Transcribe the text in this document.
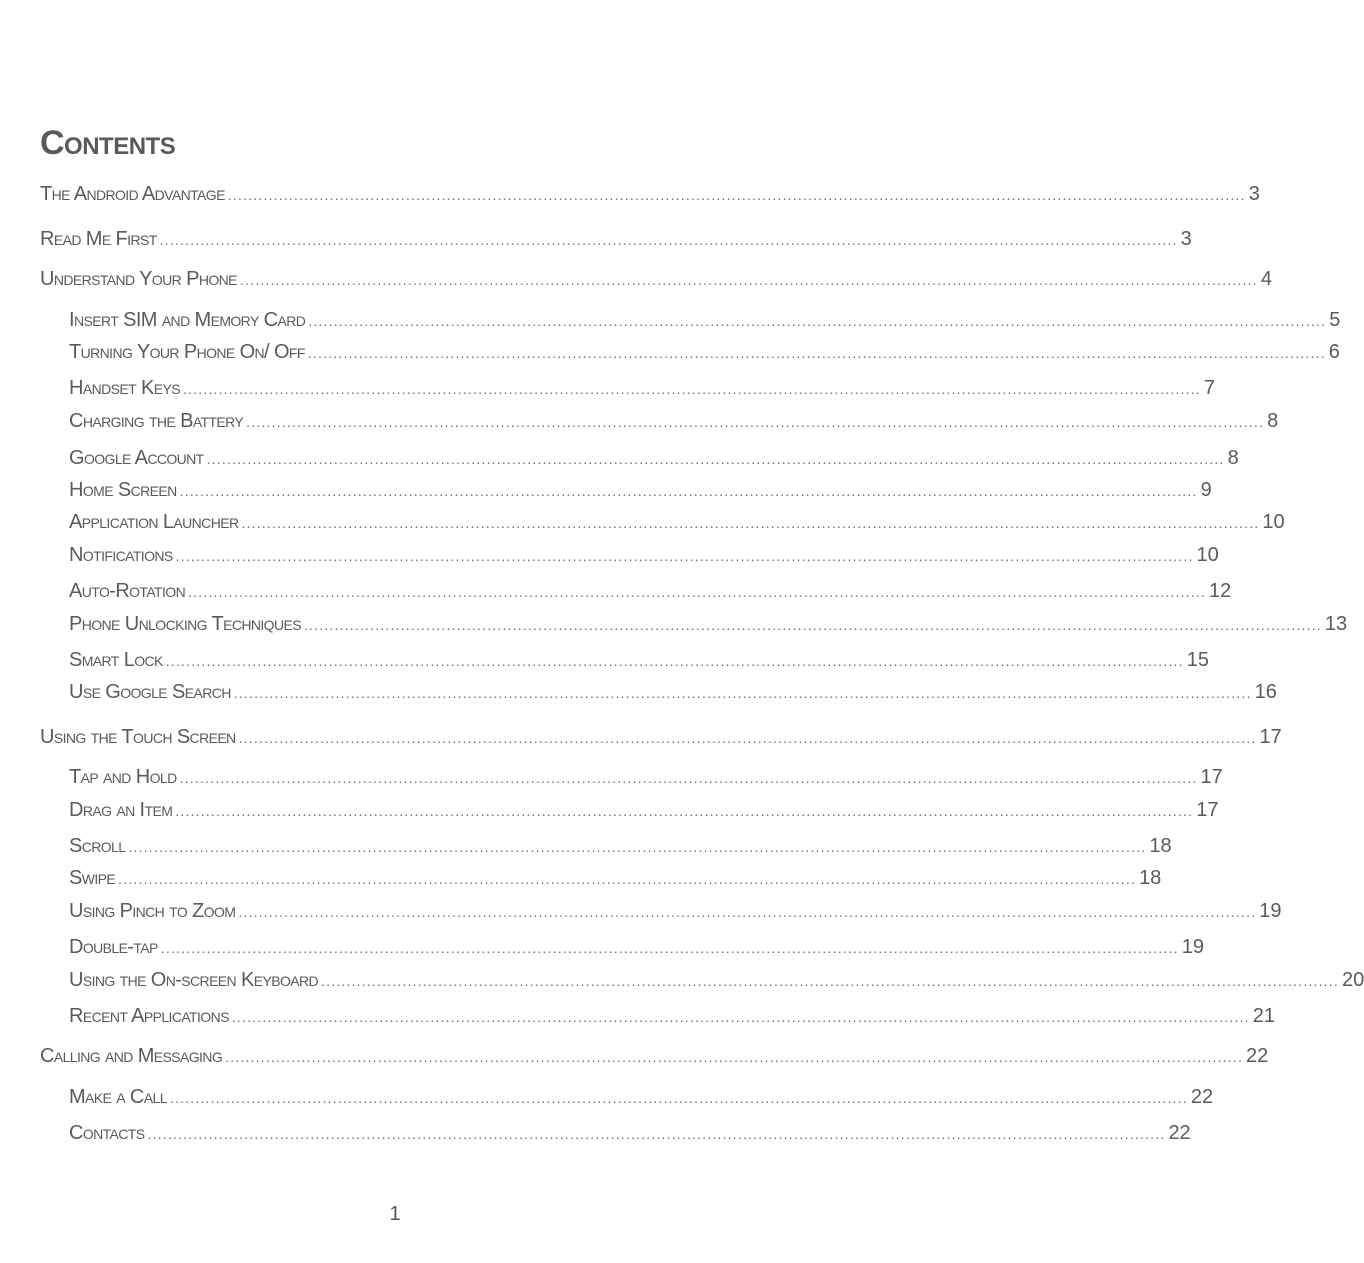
Contents
The Android Advantage ........................................................................................................................................................................................................ 3
Read Me First ........................................................................................................................................................................................................ 3
Understand Your Phone ........................................................................................................................................................................................................ 4
Insert SIM and Memory Card ........................................................................................................................................................................................................ 5
Turning Your Phone On/ Off ........................................................................................................................................................................................................ 6
Handset Keys ........................................................................................................................................................................................................ 7
Charging the Battery ........................................................................................................................................................................................................ 8
Google Account ........................................................................................................................................................................................................ 8
Home Screen ........................................................................................................................................................................................................ 9
Application Launcher ........................................................................................................................................................................................................ 10
Notifications ........................................................................................................................................................................................................ 10
Auto-Rotation ........................................................................................................................................................................................................ 12
Phone Unlocking Techniques ........................................................................................................................................................................................................ 13
Smart Lock ........................................................................................................................................................................................................ 15
Use Google Search ........................................................................................................................................................................................................ 16
Using the Touch Screen ........................................................................................................................................................................................................ 17
Tap and Hold ........................................................................................................................................................................................................ 17
Drag an Item ........................................................................................................................................................................................................ 17
Scroll ........................................................................................................................................................................................................ 18
Swipe ........................................................................................................................................................................................................ 18
Using Pinch to Zoom ........................................................................................................................................................................................................ 19
Double-tap ........................................................................................................................................................................................................ 19
Using the On-screen Keyboard ........................................................................................................................................................................................................ 20
Recent Applications ........................................................................................................................................................................................................ 21
Calling and Messaging ........................................................................................................................................................................................................ 22
Make a Call ........................................................................................................................................................................................................ 22
Contacts ........................................................................................................................................................................................................ 22
1
